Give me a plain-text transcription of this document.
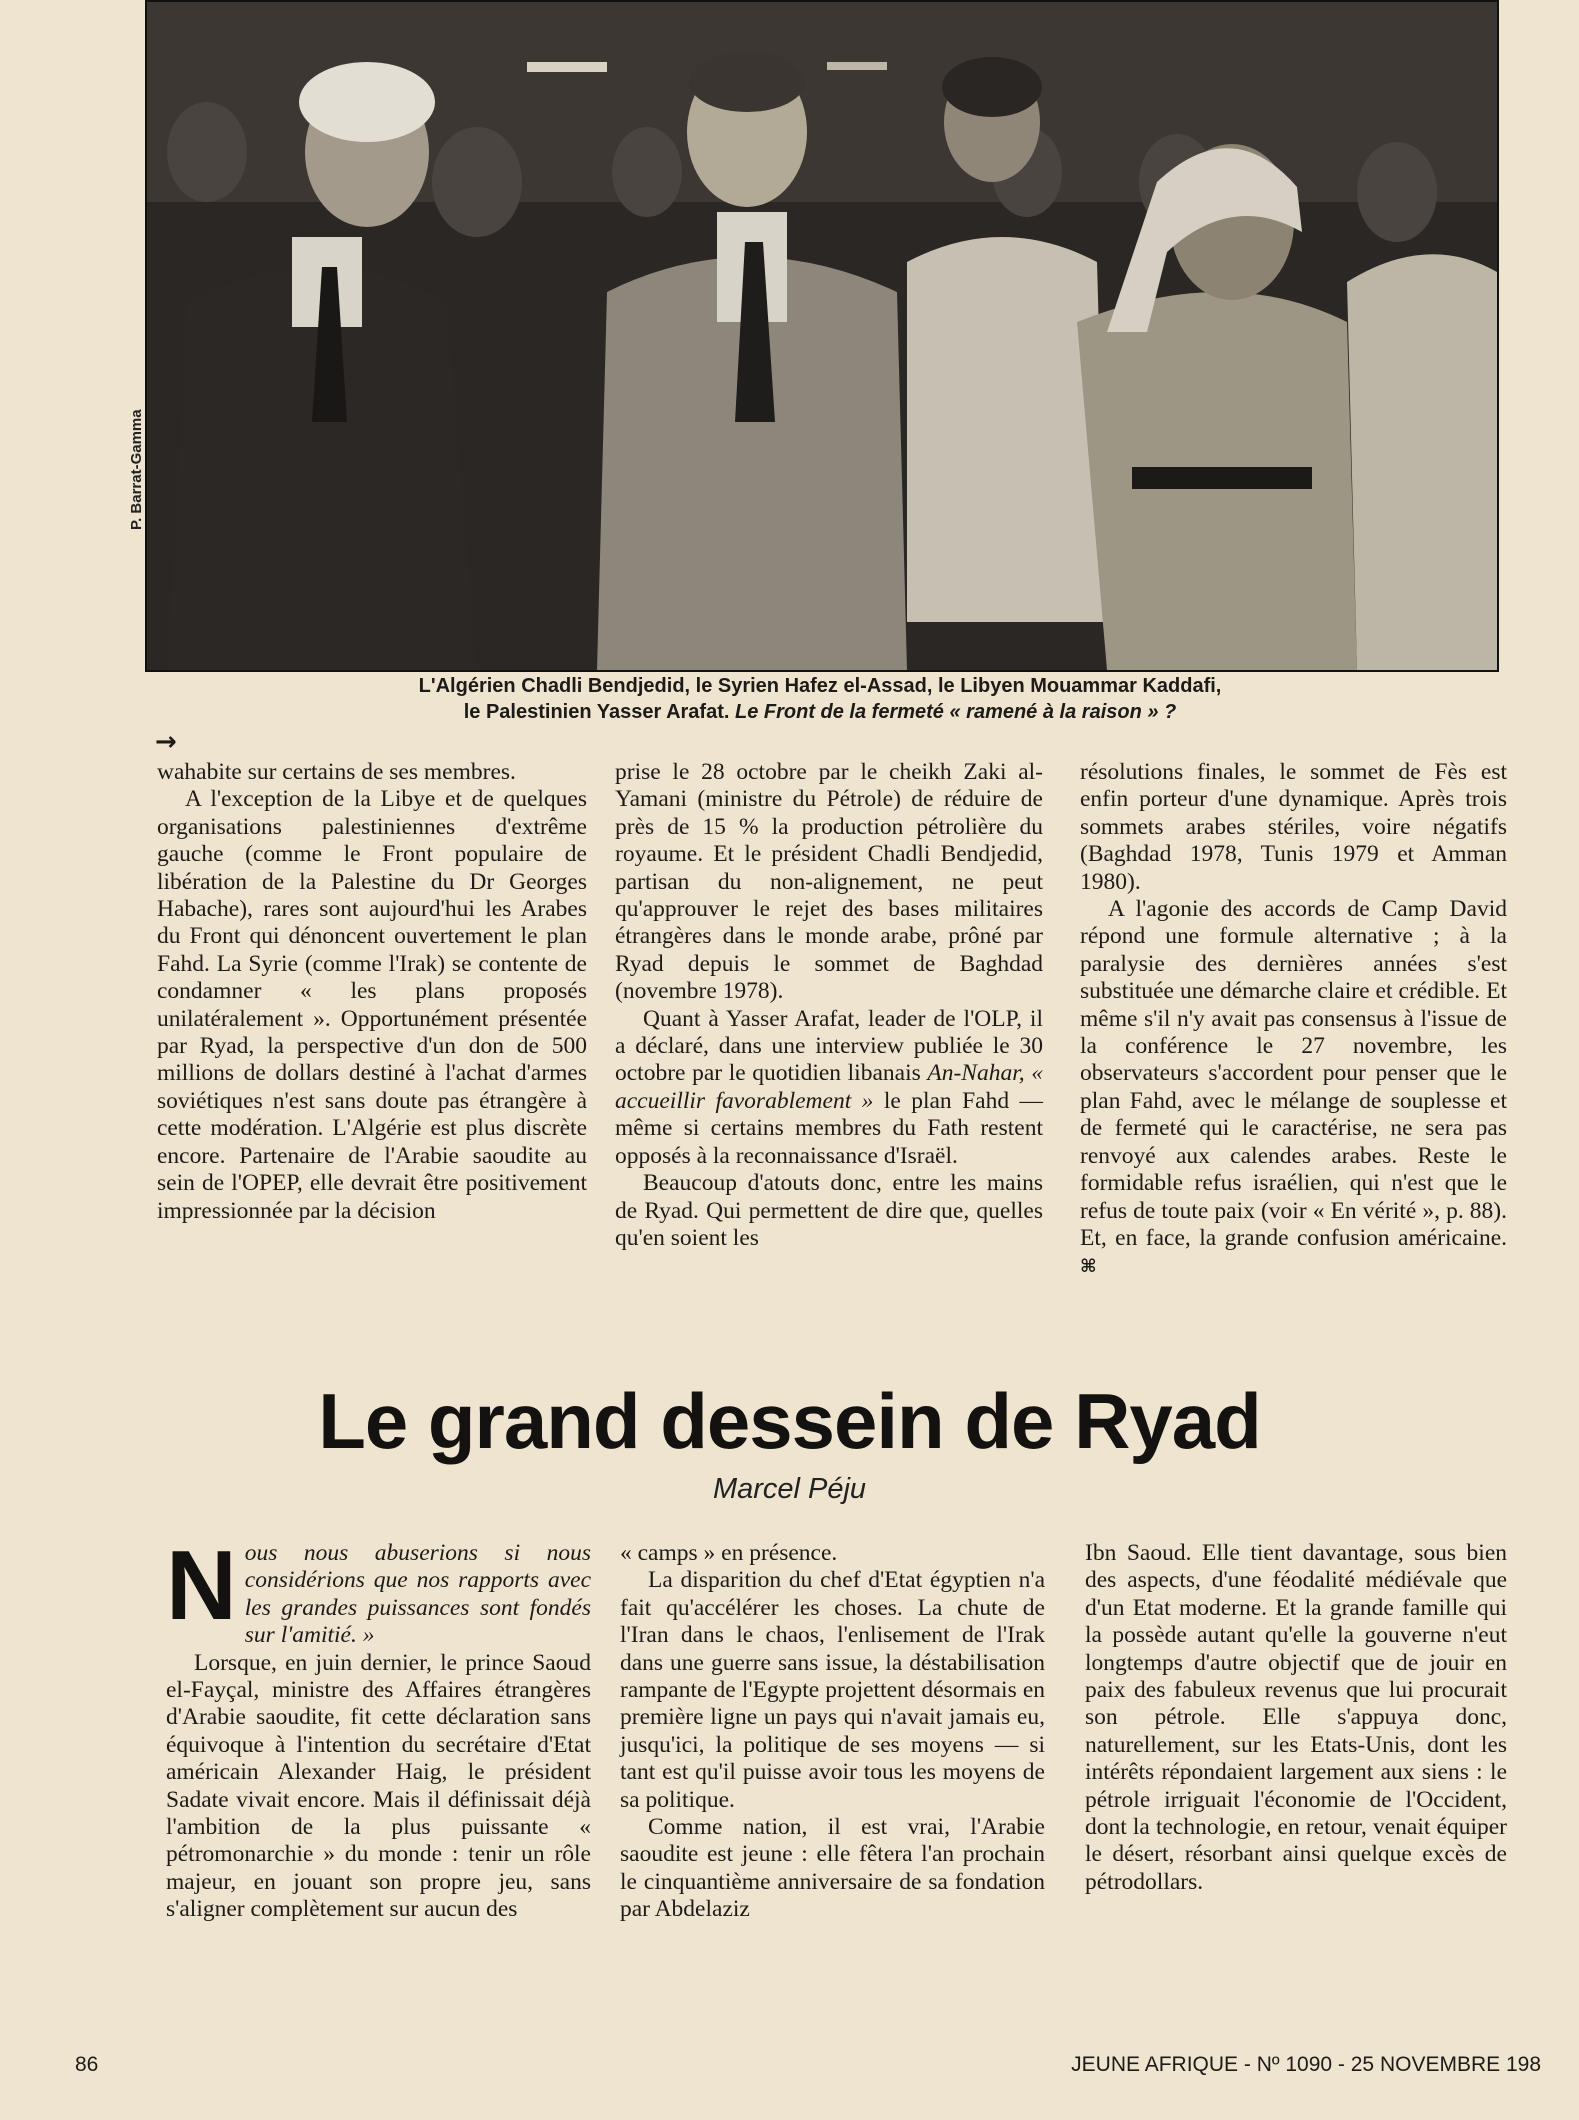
P. Barrat-Gamma
L'Algérien Chadli Bendjedid, le Syrien Hafez el-Assad, le Libyen Mouammar Kaddafi,
le Palestinien Yasser Arafat. Le Front de la fermeté « ramené à la raison » ?
→

wahabite sur certains de ses membres.

A l'exception de la Libye et de quelques organisations palestiniennes d'extrême gauche (comme le Front populaire de libération de la Palestine du Dr Georges Habache), rares sont aujourd'hui les Arabes du Front qui dénoncent ouvertement le plan Fahd. La Syrie (comme l'Irak) se contente de condamner « les plans proposés unilatéralement ». Opportunément présentée par Ryad, la perspective d'un don de 500 millions de dollars destiné à l'achat d'armes soviétiques n'est sans doute pas étrangère à cette modération. L'Algérie est plus discrète encore. Partenaire de l'Arabie saoudite au sein de l'OPEP, elle devrait être positivement impressionnée par la décision

prise le 28 octobre par le cheikh Zaki al-Yamani (ministre du Pétrole) de réduire de près de 15 % la production pétrolière du royaume. Et le président Chadli Bendjedid, partisan du non-alignement, ne peut qu'approuver le rejet des bases militaires étrangères dans le monde arabe, prôné par Ryad depuis le sommet de Baghdad (novembre 1978).

Quant à Yasser Arafat, leader de l'OLP, il a déclaré, dans une interview publiée le 30 octobre par le quotidien libanais An-Nahar, « accueillir favorablement » le plan Fahd — même si certains membres du Fath restent opposés à la reconnaissance d'Israël.

Beaucoup d'atouts donc, entre les mains de Ryad. Qui permettent de dire que, quelles qu'en soient les

résolutions finales, le sommet de Fès est enfin porteur d'une dynamique. Après trois sommets arabes stériles, voire négatifs (Baghdad 1978, Tunis 1979 et Amman 1980).

A l'agonie des accords de Camp David répond une formule alternative ; à la paralysie des dernières années s'est substituée une démarche claire et crédible. Et même s'il n'y avait pas consensus à l'issue de la conférence le 27 novembre, les observateurs s'accordent pour penser que le plan Fahd, avec le mélange de souplesse et de fermeté qui le caractérise, ne sera pas renvoyé aux calendes arabes. Reste le formidable refus israélien, qui n'est que le refus de toute paix (voir « En vérité », p. 88). Et, en face, la grande confusion américaine. ⌘

Le grand dessein de Ryad
Marcel Péju

Nous nous abuserions si nous considérions que nos rapports avec les grandes puissances sont fondés sur l'amitié. »

Lorsque, en juin dernier, le prince Saoud el-Fayçal, ministre des Affaires étrangères d'Arabie saoudite, fit cette déclaration sans équivoque à l'intention du secrétaire d'Etat américain Alexander Haig, le président Sadate vivait encore. Mais il définissait déjà l'ambition de la plus puissante « pétromonarchie » du monde : tenir un rôle majeur, en jouant son propre jeu, sans s'aligner complètement sur aucun des

« camps » en présence.

La disparition du chef d'Etat égyptien n'a fait qu'accélérer les choses. La chute de l'Iran dans le chaos, l'enlisement de l'Irak dans une guerre sans issue, la déstabilisation rampante de l'Egypte projettent désormais en première ligne un pays qui n'avait jamais eu, jusqu'ici, la politique de ses moyens — si tant est qu'il puisse avoir tous les moyens de sa politique.

Comme nation, il est vrai, l'Arabie saoudite est jeune : elle fêtera l'an prochain le cinquantième anniversaire de sa fondation par Abdelaziz

Ibn Saoud. Elle tient davantage, sous bien des aspects, d'une féodalité médiévale que d'un Etat moderne. Et la grande famille qui la possède autant qu'elle la gouverne n'eut longtemps d'autre objectif que de jouir en paix des fabuleux revenus que lui procurait son pétrole. Elle s'appuya donc, naturellement, sur les Etats-Unis, dont les intérêts répondaient largement aux siens : le pétrole irriguait l'économie de l'Occident, dont la technologie, en retour, venait équiper le désert, résorbant ainsi quelque excès de pétrodollars.

86	JEUNE AFRIQUE - Nº 1090 - 25 NOVEMBRE 198
